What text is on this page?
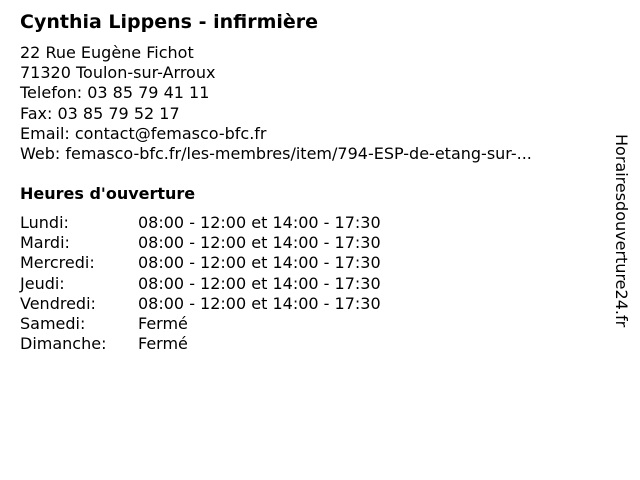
Cynthia Lippens - infirmière
22 Rue Eugène Fichot
71320 Toulon-sur-Arroux
Telefon: 03 85 79 41 11
Fax: 03 85 79 52 17
Email: contact@femasco-bfc.fr
Web: femasco-bfc.fr/les-membres/item/794-ESP-de-etang-sur-...
Heures d'ouverture
Lundi:	08:00 - 12:00 et 14:00 - 17:30
Mardi:	08:00 - 12:00 et 14:00 - 17:30
Mercredi:	08:00 - 12:00 et 14:00 - 17:30
Jeudi:	08:00 - 12:00 et 14:00 - 17:30
Vendredi:	08:00 - 12:00 et 14:00 - 17:30
Samedi:	Fermé
Dimanche: Fermé
Horairesdouverture24.fr
